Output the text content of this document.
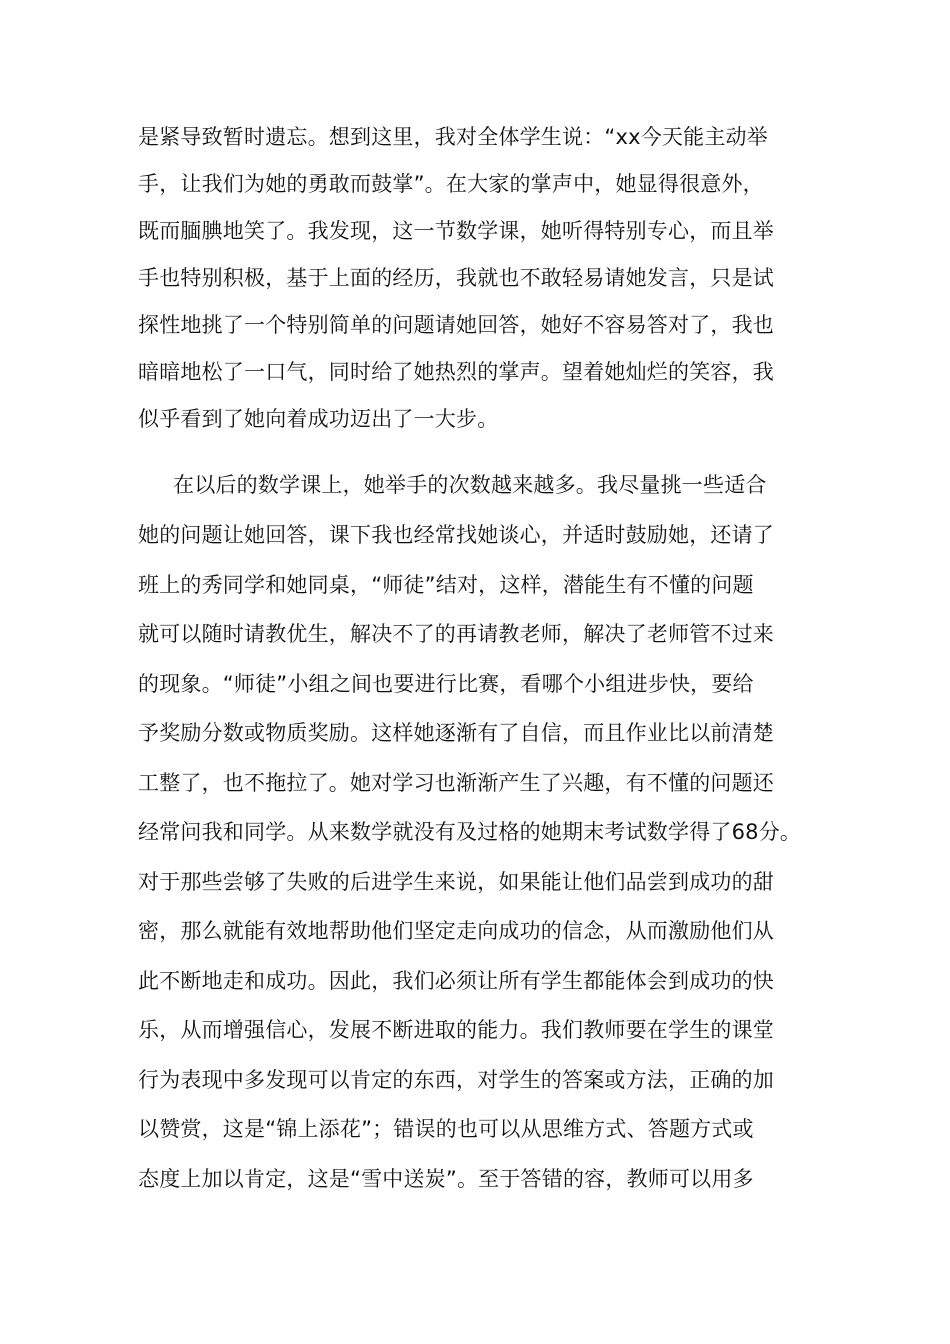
是紧导致暂时遗忘。想到这里，我对全体学生说：“xx今天能主动举
手，让我们为她的勇敢而鼓掌”。在大家的掌声中，她显得很意外，
既而腼腆地笑了。我发现，这一节数学课，她听得特别专心，而且举
手也特别积极，基于上面的经历，我就也不敢轻易请她发言，只是试
探性地挑了一个特别简单的问题请她回答，她好不容易答对了，我也
暗暗地松了一口气，同时给了她热烈的掌声。望着她灿烂的笑容，我
似乎看到了她向着成功迈出了一大步。
在以后的数学课上，她举手的次数越来越多。我尽量挑一些适合
她的问题让她回答，课下我也经常找她谈心，并适时鼓励她，还请了
班上的秀同学和她同桌，“师徒”结对，这样，潜能生有不懂的问题
就可以随时请教优生，解决不了的再请教老师，解决了老师管不过来
的现象。“师徒”小组之间也要进行比赛，看哪个小组进步快，要给
予奖励分数或物质奖励。这样她逐渐有了自信，而且作业比以前清楚
工整了，也不拖拉了。她对学习也渐渐产生了兴趣，有不懂的问题还
经常问我和同学。从来数学就没有及过格的她期末考试数学得了68分。
对于那些尝够了失败的后进学生来说，如果能让他们品尝到成功的甜
密，那么就能有效地帮助他们坚定走向成功的信念，从而激励他们从
此不断地走和成功。因此，我们必须让所有学生都能体会到成功的快
乐，从而增强信心，发展不断进取的能力。我们教师要在学生的课堂
行为表现中多发现可以肯定的东西，对学生的答案或方法，正确的加
以赞赏，这是“锦上添花”；错误的也可以从思维方式、答题方式或
态度上加以肯定，这是“雪中送炭”。至于答错的容，教师可以用多
